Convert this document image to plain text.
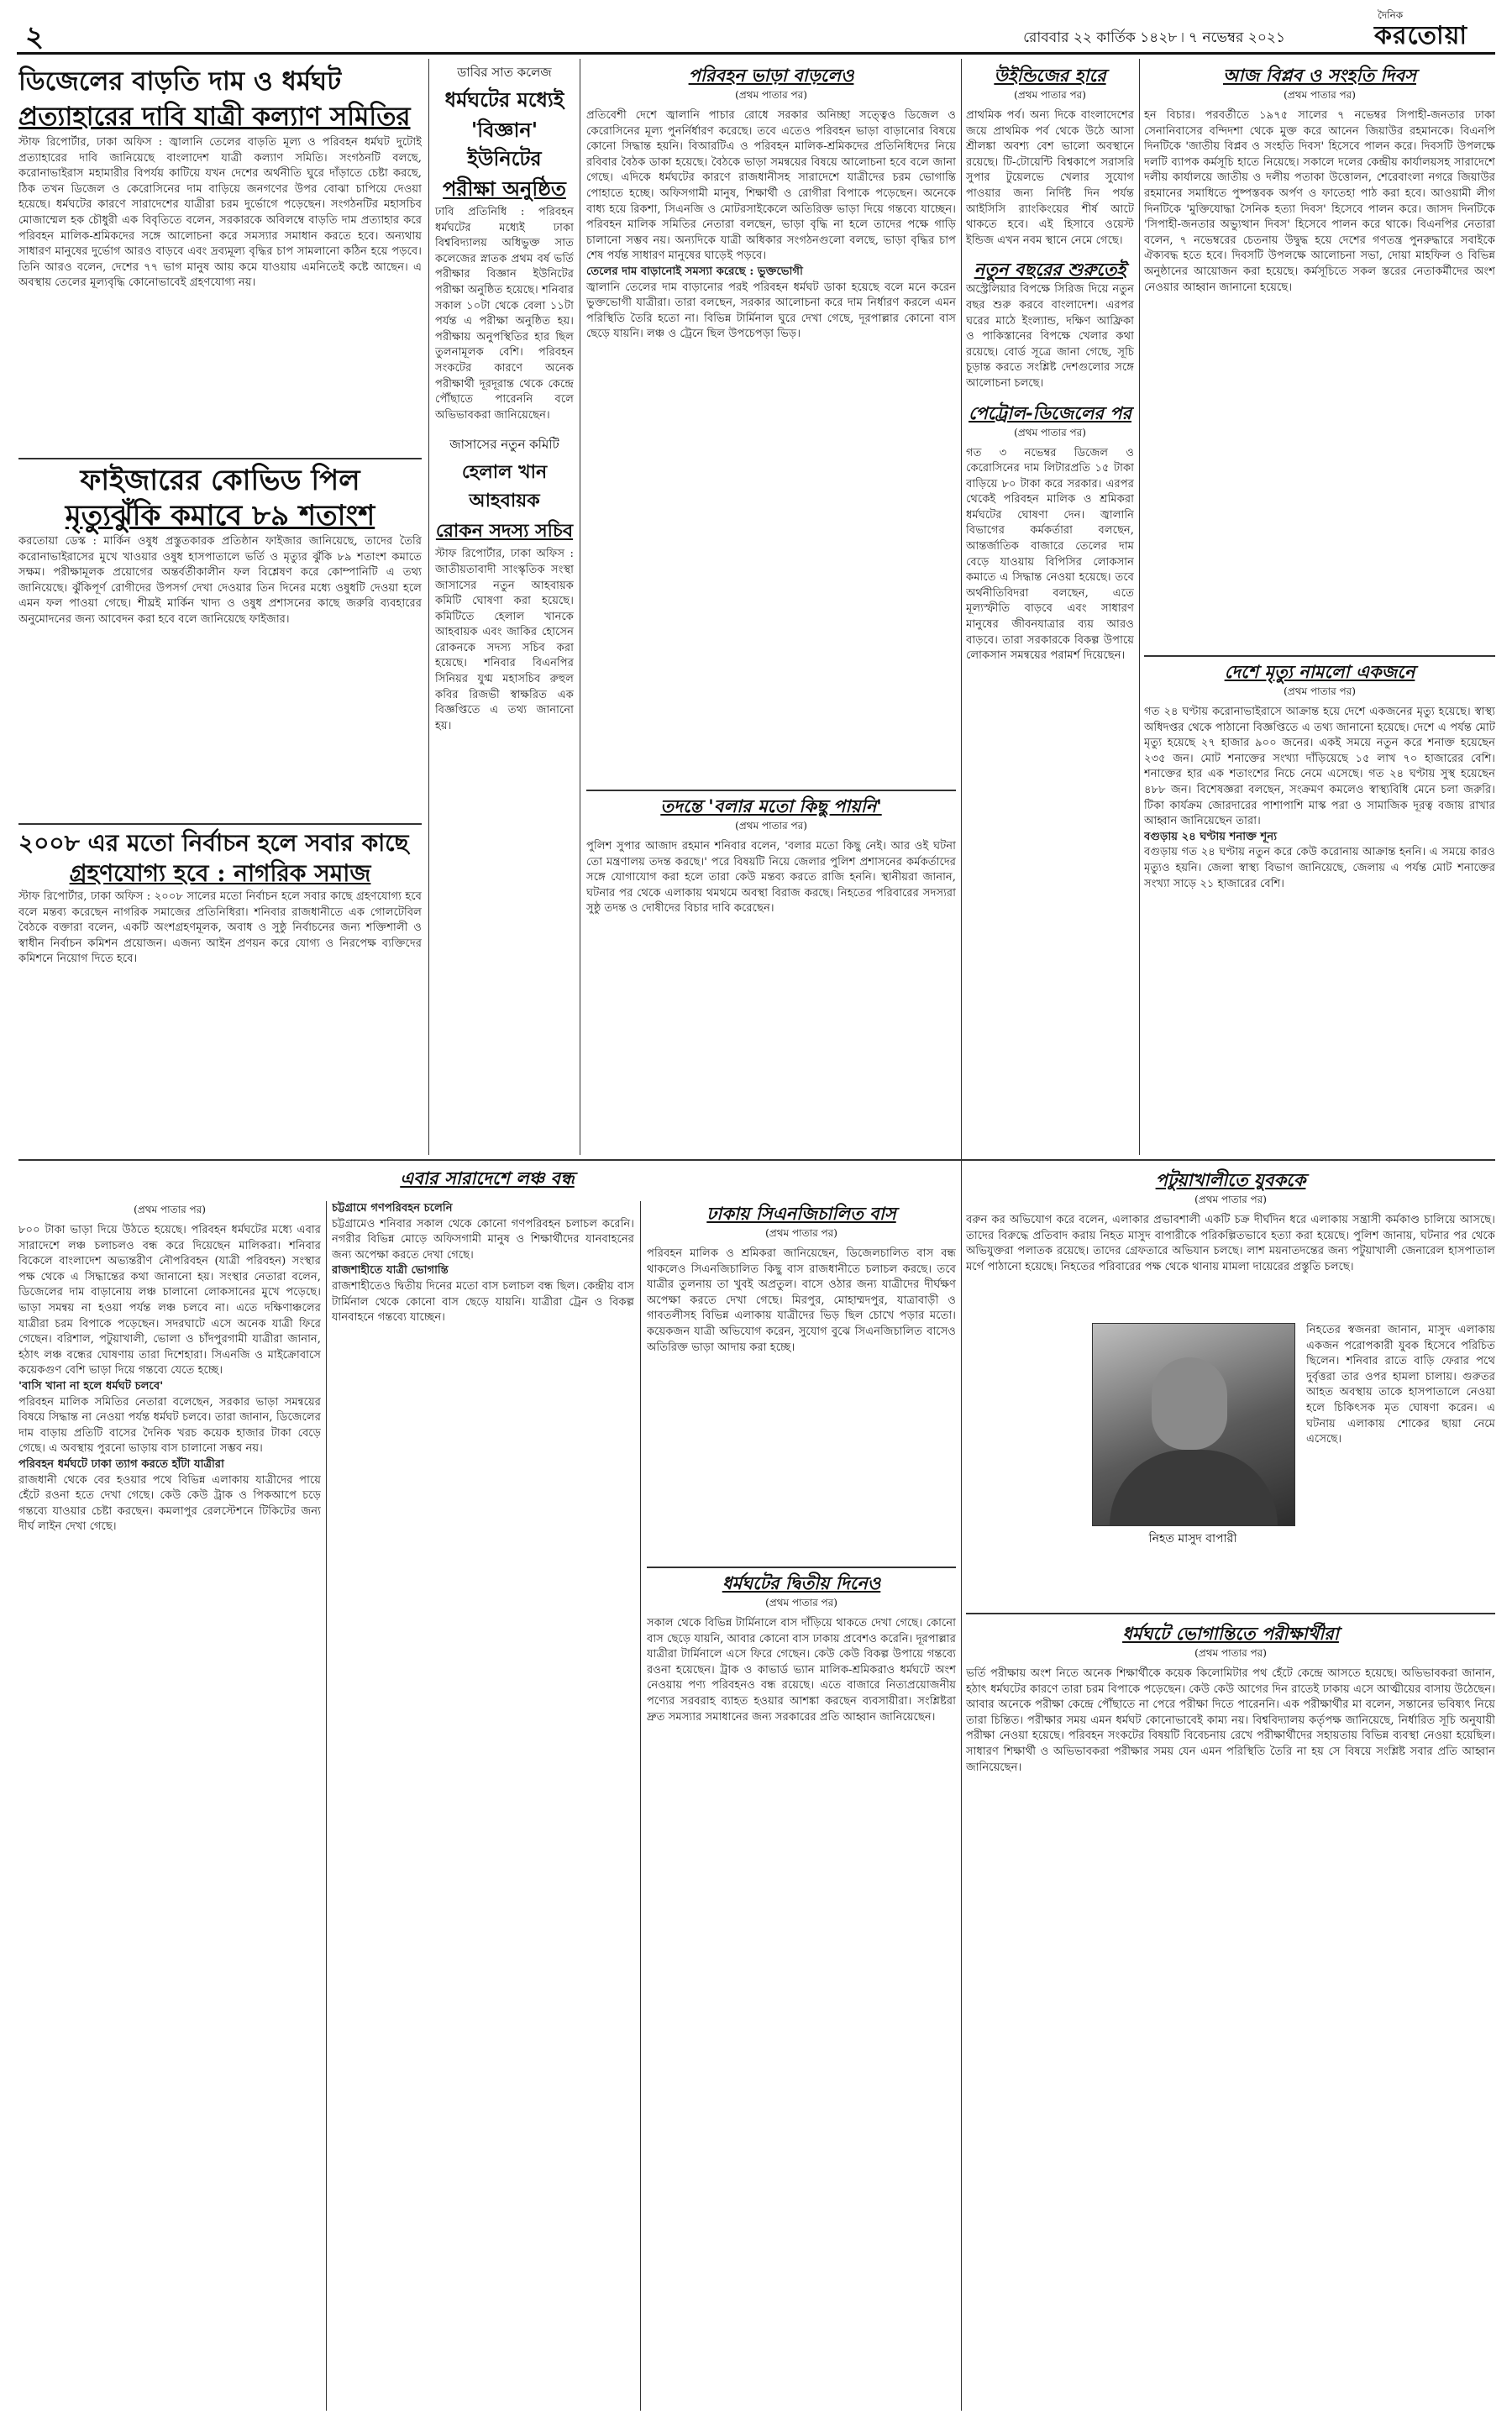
২	রোববার ২২ কার্তিক ১৪২৮ ৷ ৭ নভেম্বর ২০২১
দৈনিক
করতোয়া
ডিজেলের বাড়তি দাম ও ধর্মঘট
প্রত্যাহারের দাবি যাত্রী কল্যাণ সমিতির
স্টাফ রিপোর্টার, ঢাকা অফিস : জ্বালানি তেলের বাড়তি মূল্য ও পরিবহন ধর্মঘট দুটোই প্রত্যাহারের দাবি জানিয়েছে বাংলাদেশ যাত্রী কল্যাণ সমিতি। সংগঠনটি বলছে, করোনাভাইরাস মহামারীর বিপর্যয় কাটিয়ে যখন দেশের অর্থনীতি ঘুরে দাঁড়াতে চেষ্টা করছে, ঠিক তখন ডিজেল ও কেরোসিনের দাম বাড়িয়ে জনগণের উপর বোঝা চাপিয়ে দেওয়া হয়েছে। ধর্মঘটের কারণে সারাদেশের যাত্রীরা চরম দুর্ভোগে পড়েছেন। সংগঠনটির মহাসচিব মোজাম্মেল হক চৌধুরী এক বিবৃতিতে বলেন, সরকারকে অবিলম্বে বাড়তি দাম প্রত্যাহার করে পরিবহন মালিক-শ্রমিকদের সঙ্গে আলোচনা করে সমস্যার সমাধান করতে হবে। অন্যথায় সাধারণ মানুষের দুর্ভোগ আরও বাড়বে এবং দ্রব্যমূল্য বৃদ্ধির চাপ সামলানো কঠিন হয়ে পড়বে। তিনি আরও বলেন, দেশের ৭৭ ভাগ মানুষ আয় কমে যাওয়ায় এমনিতেই কষ্টে আছেন। এ অবস্থায় তেলের মূল্যবৃদ্ধি কোনোভাবেই গ্রহণযোগ্য নয়।
ফাইজারের কোভিড পিল
মৃত্যুঝুঁকি কমাবে ৮৯ শতাংশ
করতোয়া ডেস্ক : মার্কিন ওষুধ প্রস্তুতকারক প্রতিষ্ঠান ফাইজার জানিয়েছে, তাদের তৈরি করোনাভাইরাসের মুখে খাওয়ার ওষুধ হাসপাতালে ভর্তি ও মৃত্যুর ঝুঁকি ৮৯ শতাংশ কমাতে সক্ষম। পরীক্ষামূলক প্রয়োগের অন্তর্বর্তীকালীন ফল বিশ্লেষণ করে কোম্পানিটি এ তথ্য জানিয়েছে। ঝুঁকিপূর্ণ রোগীদের উপসর্গ দেখা দেওয়ার তিন দিনের মধ্যে ওষুধটি দেওয়া হলে এমন ফল পাওয়া গেছে। শীঘ্রই মার্কিন খাদ্য ও ওষুধ প্রশাসনের কাছে জরুরি ব্যবহারের অনুমোদনের জন্য আবেদন করা হবে বলে জানিয়েছে ফাইজার।
২০০৮ এর মতো নির্বাচন হলে সবার কাছে
গ্রহণযোগ্য হবে : নাগরিক সমাজ
স্টাফ রিপোর্টার, ঢাকা অফিস : ২০০৮ সালের মতো নির্বাচন হলে সবার কাছে গ্রহণযোগ্য হবে বলে মন্তব্য করেছেন নাগরিক সমাজের প্রতিনিধিরা। শনিবার রাজধানীতে এক গোলটেবিল বৈঠকে বক্তারা বলেন, একটি অংশগ্রহণমূলক, অবাধ ও সুষ্ঠু নির্বাচনের জন্য শক্তিশালী ও স্বাধীন নির্বাচন কমিশন প্রয়োজন। এজন্য আইন প্রণয়ন করে যোগ্য ও নিরপেক্ষ ব্যক্তিদের কমিশনে নিয়োগ দিতে হবে।
ডাবির সাত কলেজ
ধর্মঘটের মধ্যেই
'বিজ্ঞান' ইউনিটের
পরীক্ষা অনুষ্ঠিত
ঢাবি প্রতিনিধি : পরিবহন ধর্মঘটের মধ্যেই ঢাকা বিশ্ববিদ্যালয় অধিভুক্ত সাত কলেজের স্নাতক প্রথম বর্ষ ভর্তি পরীক্ষার বিজ্ঞান ইউনিটের পরীক্ষা অনুষ্ঠিত হয়েছে। শনিবার সকাল ১০টা থেকে বেলা ১১টা পর্যন্ত এ পরীক্ষা অনুষ্ঠিত হয়। পরীক্ষায় অনুপস্থিতির হার ছিল তুলনামূলক বেশি। পরিবহন সংকটের কারণে অনেক পরীক্ষার্থী দূরদূরান্ত থেকে কেন্দ্রে পৌঁছাতে পারেননি বলে অভিভাবকরা জানিয়েছেন।
জাসাসের নতুন কমিটি
হেলাল খান আহবায়ক
রোকন সদস্য সচিব
স্টাফ রিপোর্টার, ঢাকা অফিস : জাতীয়তাবাদী সাংস্কৃতিক সংস্থা জাসাসের নতুন আহবায়ক কমিটি ঘোষণা করা হয়েছে। কমিটিতে হেলাল খানকে আহবায়ক এবং জাকির হোসেন রোকনকে সদস্য সচিব করা হয়েছে। শনিবার বিএনপির সিনিয়র যুগ্ম মহাসচিব রুহুল কবির রিজভী স্বাক্ষরিত এক বিজ্ঞপ্তিতে এ তথ্য জানানো হয়।
পরিবহন ভাড়া বাড়লেও
(প্রথম পাতার পর)
প্রতিবেশী দেশে জ্বালানি পাচার রোধে সরকার অনিচ্ছা সত্ত্বেও ডিজেল ও কেরোসিনের মূল্য পুনর্নির্ধারণ করেছে। তবে এতেও পরিবহন ভাড়া বাড়ানোর বিষয়ে কোনো সিদ্ধান্ত হয়নি। বিআরটিএ ও পরিবহন মালিক-শ্রমিকদের প্রতিনিধিদের নিয়ে রবিবার বৈঠক ডাকা হয়েছে। বৈঠকে ভাড়া সমন্বয়ের বিষয়ে আলোচনা হবে বলে জানা গেছে। এদিকে ধর্মঘটের কারণে রাজধানীসহ সারাদেশে যাত্রীদের চরম ভোগান্তি পোহাতে হচ্ছে। অফিসগামী মানুষ, শিক্ষার্থী ও রোগীরা বিপাকে পড়েছেন। অনেকে বাধ্য হয়ে রিকশা, সিএনজি ও মোটরসাইকেলে অতিরিক্ত ভাড়া দিয়ে গন্তব্যে যাচ্ছেন। পরিবহন মালিক সমিতির নেতারা বলছেন, ভাড়া বৃদ্ধি না হলে তাদের পক্ষে গাড়ি চালানো সম্ভব নয়। অন্যদিকে যাত্রী অধিকার সংগঠনগুলো বলছে, ভাড়া বৃদ্ধির চাপ শেষ পর্যন্ত সাধারণ মানুষের ঘাড়েই পড়বে।
তেলের দাম বাড়ানোই সমস্যা করেছে : ভুক্তভোগী
জ্বালানি তেলের দাম বাড়ানোর পরই পরিবহন ধর্মঘট ডাকা হয়েছে বলে মনে করেন ভুক্তভোগী যাত্রীরা। তারা বলছেন, সরকার আলোচনা করে দাম নির্ধারণ করলে এমন পরিস্থিতি তৈরি হতো না। বিভিন্ন টার্মিনাল ঘুরে দেখা গেছে, দূরপাল্লার কোনো বাস ছেড়ে যায়নি। লঞ্চ ও ট্রেনে ছিল উপচেপড়া ভিড়।
তদন্তে 'বলার মতো কিছু পায়নি'
(প্রথম পাতার পর)
পুলিশ সুপার আজাদ রহমান শনিবার বলেন, 'বলার মতো কিছু নেই। আর ওই ঘটনা তো মন্ত্রণালয় তদন্ত করছে।' পরে বিষয়টি নিয়ে জেলার পুলিশ প্রশাসনের কর্মকর্তাদের সঙ্গে যোগাযোগ করা হলে তারা কেউ মন্তব্য করতে রাজি হননি। স্থানীয়রা জানান, ঘটনার পর থেকে এলাকায় থমথমে অবস্থা বিরাজ করছে। নিহতের পরিবারের সদস্যরা সুষ্ঠু তদন্ত ও দোষীদের বিচার দাবি করেছেন।
উইন্ডিজের হারে
(প্রথম পাতার পর)
প্রাথমিক পর্ব। অন্য দিকে বাংলাদেশের জয়ে প্রাথমিক পর্ব থেকে উঠে আসা শ্রীলঙ্কা অবশ্য বেশ ভালো অবস্থানে রয়েছে। টি-টোয়েন্টি বিশ্বকাপে সরাসরি সুপার টুয়েলভে খেলার সুযোগ পাওয়ার জন্য নির্দিষ্ট দিন পর্যন্ত আইসিসি র‌্যাংকিংয়ের শীর্ষ আটে থাকতে হবে। এই হিসাবে ওয়েস্ট ইন্ডিজ এখন নবম স্থানে নেমে গেছে।
নতুন বছরের শুরুতেই
অস্ট্রেলিয়ার বিপক্ষে সিরিজ দিয়ে নতুন বছর শুরু করবে বাংলাদেশ। এরপর ঘরের মাঠে ইংল্যান্ড, দক্ষিণ আফ্রিকা ও পাকিস্তানের বিপক্ষে খেলার কথা রয়েছে। বোর্ড সূত্রে জানা গেছে, সূচি চূড়ান্ত করতে সংশ্লিষ্ট দেশগুলোর সঙ্গে আলোচনা চলছে।
পেট্রোল-ডিজেলের পর
(প্রথম পাতার পর)
গত ৩ নভেম্বর ডিজেল ও কেরোসিনের দাম লিটারপ্রতি ১৫ টাকা বাড়িয়ে ৮০ টাকা করে সরকার। এরপর থেকেই পরিবহন মালিক ও শ্রমিকরা ধর্মঘটের ঘোষণা দেন। জ্বালানি বিভাগের কর্মকর্তারা বলছেন, আন্তর্জাতিক বাজারে তেলের দাম বেড়ে যাওয়ায় বিপিসির লোকসান কমাতে এ সিদ্ধান্ত নেওয়া হয়েছে। তবে অর্থনীতিবিদরা বলছেন, এতে মূল্যস্ফীতি বাড়বে এবং সাধারণ মানুষের জীবনযাত্রার ব্যয় আরও বাড়বে। তারা সরকারকে বিকল্প উপায়ে লোকসান সমন্বয়ের পরামর্শ দিয়েছেন।
আজ বিপ্লব ও সংহতি দিবস
(প্রথম পাতার পর)
হন বিচার। পরবর্তীতে ১৯৭৫ সালের ৭ নভেম্বর সিপাহী-জনতার ঢাকা সেনানিবাসের বন্দিদশা থেকে মুক্ত করে আনেন জিয়াউর রহমানকে। বিএনপি দিনটিকে 'জাতীয় বিপ্লব ও সংহতি দিবস' হিসেবে পালন করে। দিবসটি উপলক্ষে দলটি ব্যাপক কর্মসূচি হাতে নিয়েছে। সকালে দলের কেন্দ্রীয় কার্যালয়সহ সারাদেশে দলীয় কার্যালয়ে জাতীয় ও দলীয় পতাকা উত্তোলন, শেরেবাংলা নগরে জিয়াউর রহমানের সমাধিতে পুষ্পস্তবক অর্পণ ও ফাতেহা পাঠ করা হবে। আওয়ামী লীগ দিনটিকে 'মুক্তিযোদ্ধা সৈনিক হত্যা দিবস' হিসেবে পালন করে। জাসদ দিনটিকে 'সিপাহী-জনতার অভ্যুত্থান দিবস' হিসেবে পালন করে থাকে। বিএনপির নেতারা বলেন, ৭ নভেম্বরের চেতনায় উদ্বুদ্ধ হয়ে দেশের গণতন্ত্র পুনরুদ্ধারে সবাইকে ঐক্যবদ্ধ হতে হবে। দিবসটি উপলক্ষে আলোচনা সভা, দোয়া মাহফিল ও বিভিন্ন অনুষ্ঠানের আয়োজন করা হয়েছে। কর্মসূচিতে সকল স্তরের নেতাকর্মীদের অংশ নেওয়ার আহ্বান জানানো হয়েছে।
দেশে মৃত্যু নামলো একজনে
(প্রথম পাতার পর)
গত ২৪ ঘণ্টায় করোনাভাইরাসে আক্রান্ত হয়ে দেশে একজনের মৃত্যু হয়েছে। স্বাস্থ্য অধিদপ্তর থেকে পাঠানো বিজ্ঞপ্তিতে এ তথ্য জানানো হয়েছে। দেশে এ পর্যন্ত মোট মৃত্যু হয়েছে ২৭ হাজার ৯০০ জনের। একই সময়ে নতুন করে শনাক্ত হয়েছেন ২৩৫ জন। মোট শনাক্তের সংখ্যা দাঁড়িয়েছে ১৫ লাখ ৭০ হাজারের বেশি। শনাক্তের হার এক শতাংশের নিচে নেমে এসেছে। গত ২৪ ঘণ্টায় সুস্থ হয়েছেন ৪৮৮ জন। বিশেষজ্ঞরা বলছেন, সংক্রমণ কমলেও স্বাস্থ্যবিধি মেনে চলা জরুরি। টিকা কার্যক্রম জোরদারের পাশাপাশি মাস্ক পরা ও সামাজিক দূরত্ব বজায় রাখার আহ্বান জানিয়েছেন তারা।
বগুড়ায় ২৪ ঘণ্টায় শনাক্ত শূন্য
বগুড়ায় গত ২৪ ঘণ্টায় নতুন করে কেউ করোনায় আক্রান্ত হননি। এ সময়ে কারও মৃত্যুও হয়নি। জেলা স্বাস্থ্য বিভাগ জানিয়েছে, জেলায় এ পর্যন্ত মোট শনাক্তের সংখ্যা সাড়ে ২১ হাজারের বেশি।
এবার সারাদেশে লঞ্চ বন্ধ
(প্রথম পাতার পর)
৮০০ টাকা ভাড়া দিয়ে উঠতে হয়েছে। পরিবহন ধর্মঘটের মধ্যে এবার সারাদেশে লঞ্চ চলাচলও বন্ধ করে দিয়েছেন মালিকরা। শনিবার বিকেলে বাংলাদেশ অভ্যন্তরীণ নৌপরিবহন (যাত্রী পরিবহন) সংস্থার পক্ষ থেকে এ সিদ্ধান্তের কথা জানানো হয়। সংস্থার নেতারা বলেন, ডিজেলের দাম বাড়ানোয় লঞ্চ চালানো লোকসানের মুখে পড়েছে। ভাড়া সমন্বয় না হওয়া পর্যন্ত লঞ্চ চলবে না। এতে দক্ষিণাঞ্চলের যাত্রীরা চরম বিপাকে পড়েছেন। সদরঘাটে এসে অনেক যাত্রী ফিরে গেছেন। বরিশাল, পটুয়াখালী, ভোলা ও চাঁদপুরগামী যাত্রীরা জানান, হঠাৎ লঞ্চ বন্ধের ঘোষণায় তারা দিশেহারা। সিএনজি ও মাইক্রোবাসে কয়েকগুণ বেশি ভাড়া দিয়ে গন্তব্যে যেতে হচ্ছে।
'বাসি খানা না হলে ধর্মঘট চলবে'
পরিবহন মালিক সমিতির নেতারা বলেছেন, সরকার ভাড়া সমন্বয়ের বিষয়ে সিদ্ধান্ত না নেওয়া পর্যন্ত ধর্মঘট চলবে। তারা জানান, ডিজেলের দাম বাড়ায় প্রতিটি বাসের দৈনিক খরচ কয়েক হাজার টাকা বেড়ে গেছে। এ অবস্থায় পুরনো ভাড়ায় বাস চালানো সম্ভব নয়।
পরিবহন ধর্মঘটে ঢাকা ত্যাগ করতে হাঁটা যাত্রীরা
রাজধানী থেকে বের হওয়ার পথে বিভিন্ন এলাকায় যাত্রীদের পায়ে হেঁটে রওনা হতে দেখা গেছে। কেউ কেউ ট্রাক ও পিকআপে চড়ে গন্তব্যে যাওয়ার চেষ্টা করছেন। কমলাপুর রেলস্টেশনে টিকিটের জন্য দীর্ঘ লাইন দেখা গেছে।
চট্টগ্রামে গণপরিবহন চলেনি
চট্টগ্রামেও শনিবার সকাল থেকে কোনো গণপরিবহন চলাচল করেনি। নগরীর বিভিন্ন মোড়ে অফিসগামী মানুষ ও শিক্ষার্থীদের যানবাহনের জন্য অপেক্ষা করতে দেখা গেছে।
রাজশাহীতে যাত্রী ভোগান্তি
রাজশাহীতেও দ্বিতীয় দিনের মতো বাস চলাচল বন্ধ ছিল। কেন্দ্রীয় বাস টার্মিনাল থেকে কোনো বাস ছেড়ে যায়নি। যাত্রীরা ট্রেন ও বিকল্প যানবাহনে গন্তব্যে যাচ্ছেন।
ঢাকায় সিএনজিচালিত বাস
(প্রথম পাতার পর)
পরিবহন মালিক ও শ্রমিকরা জানিয়েছেন, ডিজেলচালিত বাস বন্ধ থাকলেও সিএনজিচালিত কিছু বাস রাজধানীতে চলাচল করছে। তবে যাত্রীর তুলনায় তা খুবই অপ্রতুল। বাসে ওঠার জন্য যাত্রীদের দীর্ঘক্ষণ অপেক্ষা করতে দেখা গেছে। মিরপুর, মোহাম্মদপুর, যাত্রাবাড়ী ও গাবতলীসহ বিভিন্ন এলাকায় যাত্রীদের ভিড় ছিল চোখে পড়ার মতো। কয়েকজন যাত্রী অভিযোগ করেন, সুযোগ বুঝে সিএনজিচালিত বাসেও অতিরিক্ত ভাড়া আদায় করা হচ্ছে।
ধর্মঘটের দ্বিতীয় দিনেও
(প্রথম পাতার পর)
সকাল থেকে বিভিন্ন টার্মিনালে বাস দাঁড়িয়ে থাকতে দেখা গেছে। কোনো বাস ছেড়ে যায়নি, আবার কোনো বাস ঢাকায় প্রবেশও করেনি। দূরপাল্লার যাত্রীরা টার্মিনালে এসে ফিরে গেছেন। কেউ কেউ বিকল্প উপায়ে গন্তব্যে রওনা হয়েছেন। ট্রাক ও কাভার্ড ভ্যান মালিক-শ্রমিকরাও ধর্মঘটে অংশ নেওয়ায় পণ্য পরিবহনও বন্ধ রয়েছে। এতে বাজারে নিত্যপ্রয়োজনীয় পণ্যের সরবরাহ ব্যাহত হওয়ার আশঙ্কা করছেন ব্যবসায়ীরা। সংশ্লিষ্টরা দ্রুত সমস্যার সমাধানের জন্য সরকারের প্রতি আহ্বান জানিয়েছেন।
পটুয়াখালীতে যুবককে
(প্রথম পাতার পর)
বরুন কর অভিযোগ করে বলেন, এলাকার প্রভাবশালী একটি চক্র দীর্ঘদিন ধরে এলাকায় সন্ত্রাসী কর্মকাণ্ড চালিয়ে আসছে। তাদের বিরুদ্ধে প্রতিবাদ করায় নিহত মাসুদ বাপারীকে পরিকল্পিতভাবে হত্যা করা হয়েছে। পুলিশ জানায়, ঘটনার পর থেকে অভিযুক্তরা পলাতক রয়েছে। তাদের গ্রেফতারে অভিযান চলছে। লাশ ময়নাতদন্তের জন্য পটুয়াখালী জেনারেল হাসপাতাল মর্গে পাঠানো হয়েছে। নিহতের পরিবারের পক্ষ থেকে থানায় মামলা দায়েরের প্রস্তুতি চলছে।
নিহত মাসুদ বাপারী
নিহতের স্বজনরা জানান, মাসুদ এলাকায় একজন পরোপকারী যুবক হিসেবে পরিচিত ছিলেন। শনিবার রাতে বাড়ি ফেরার পথে দুর্বৃত্তরা তার ওপর হামলা চালায়। গুরুতর আহত অবস্থায় তাকে হাসপাতালে নেওয়া হলে চিকিৎসক মৃত ঘোষণা করেন। এ ঘটনায় এলাকায় শোকের ছায়া নেমে এসেছে।
ধর্মঘটে ভোগান্তিতে পরীক্ষার্থীরা
(প্রথম পাতার পর)
ভর্তি পরীক্ষায় অংশ নিতে অনেক শিক্ষার্থীকে কয়েক কিলোমিটার পথ হেঁটে কেন্দ্রে আসতে হয়েছে। অভিভাবকরা জানান, হঠাৎ ধর্মঘটের কারণে তারা চরম বিপাকে পড়েছেন। কেউ কেউ আগের দিন রাতেই ঢাকায় এসে আত্মীয়ের বাসায় উঠেছেন। আবার অনেকে পরীক্ষা কেন্দ্রে পৌঁছাতে না পেরে পরীক্ষা দিতে পারেননি। এক পরীক্ষার্থীর মা বলেন, সন্তানের ভবিষ্যৎ নিয়ে তারা চিন্তিত। পরীক্ষার সময় এমন ধর্মঘট কোনোভাবেই কাম্য নয়। বিশ্ববিদ্যালয় কর্তৃপক্ষ জানিয়েছে, নির্ধারিত সূচি অনুযায়ী পরীক্ষা নেওয়া হয়েছে। পরিবহন সংকটের বিষয়টি বিবেচনায় রেখে পরীক্ষার্থীদের সহায়তায় বিভিন্ন ব্যবস্থা নেওয়া হয়েছিল। সাধারণ শিক্ষার্থী ও অভিভাবকরা পরীক্ষার সময় যেন এমন পরিস্থিতি তৈরি না হয় সে বিষয়ে সংশ্লিষ্ট সবার প্রতি আহ্বান জানিয়েছেন।
